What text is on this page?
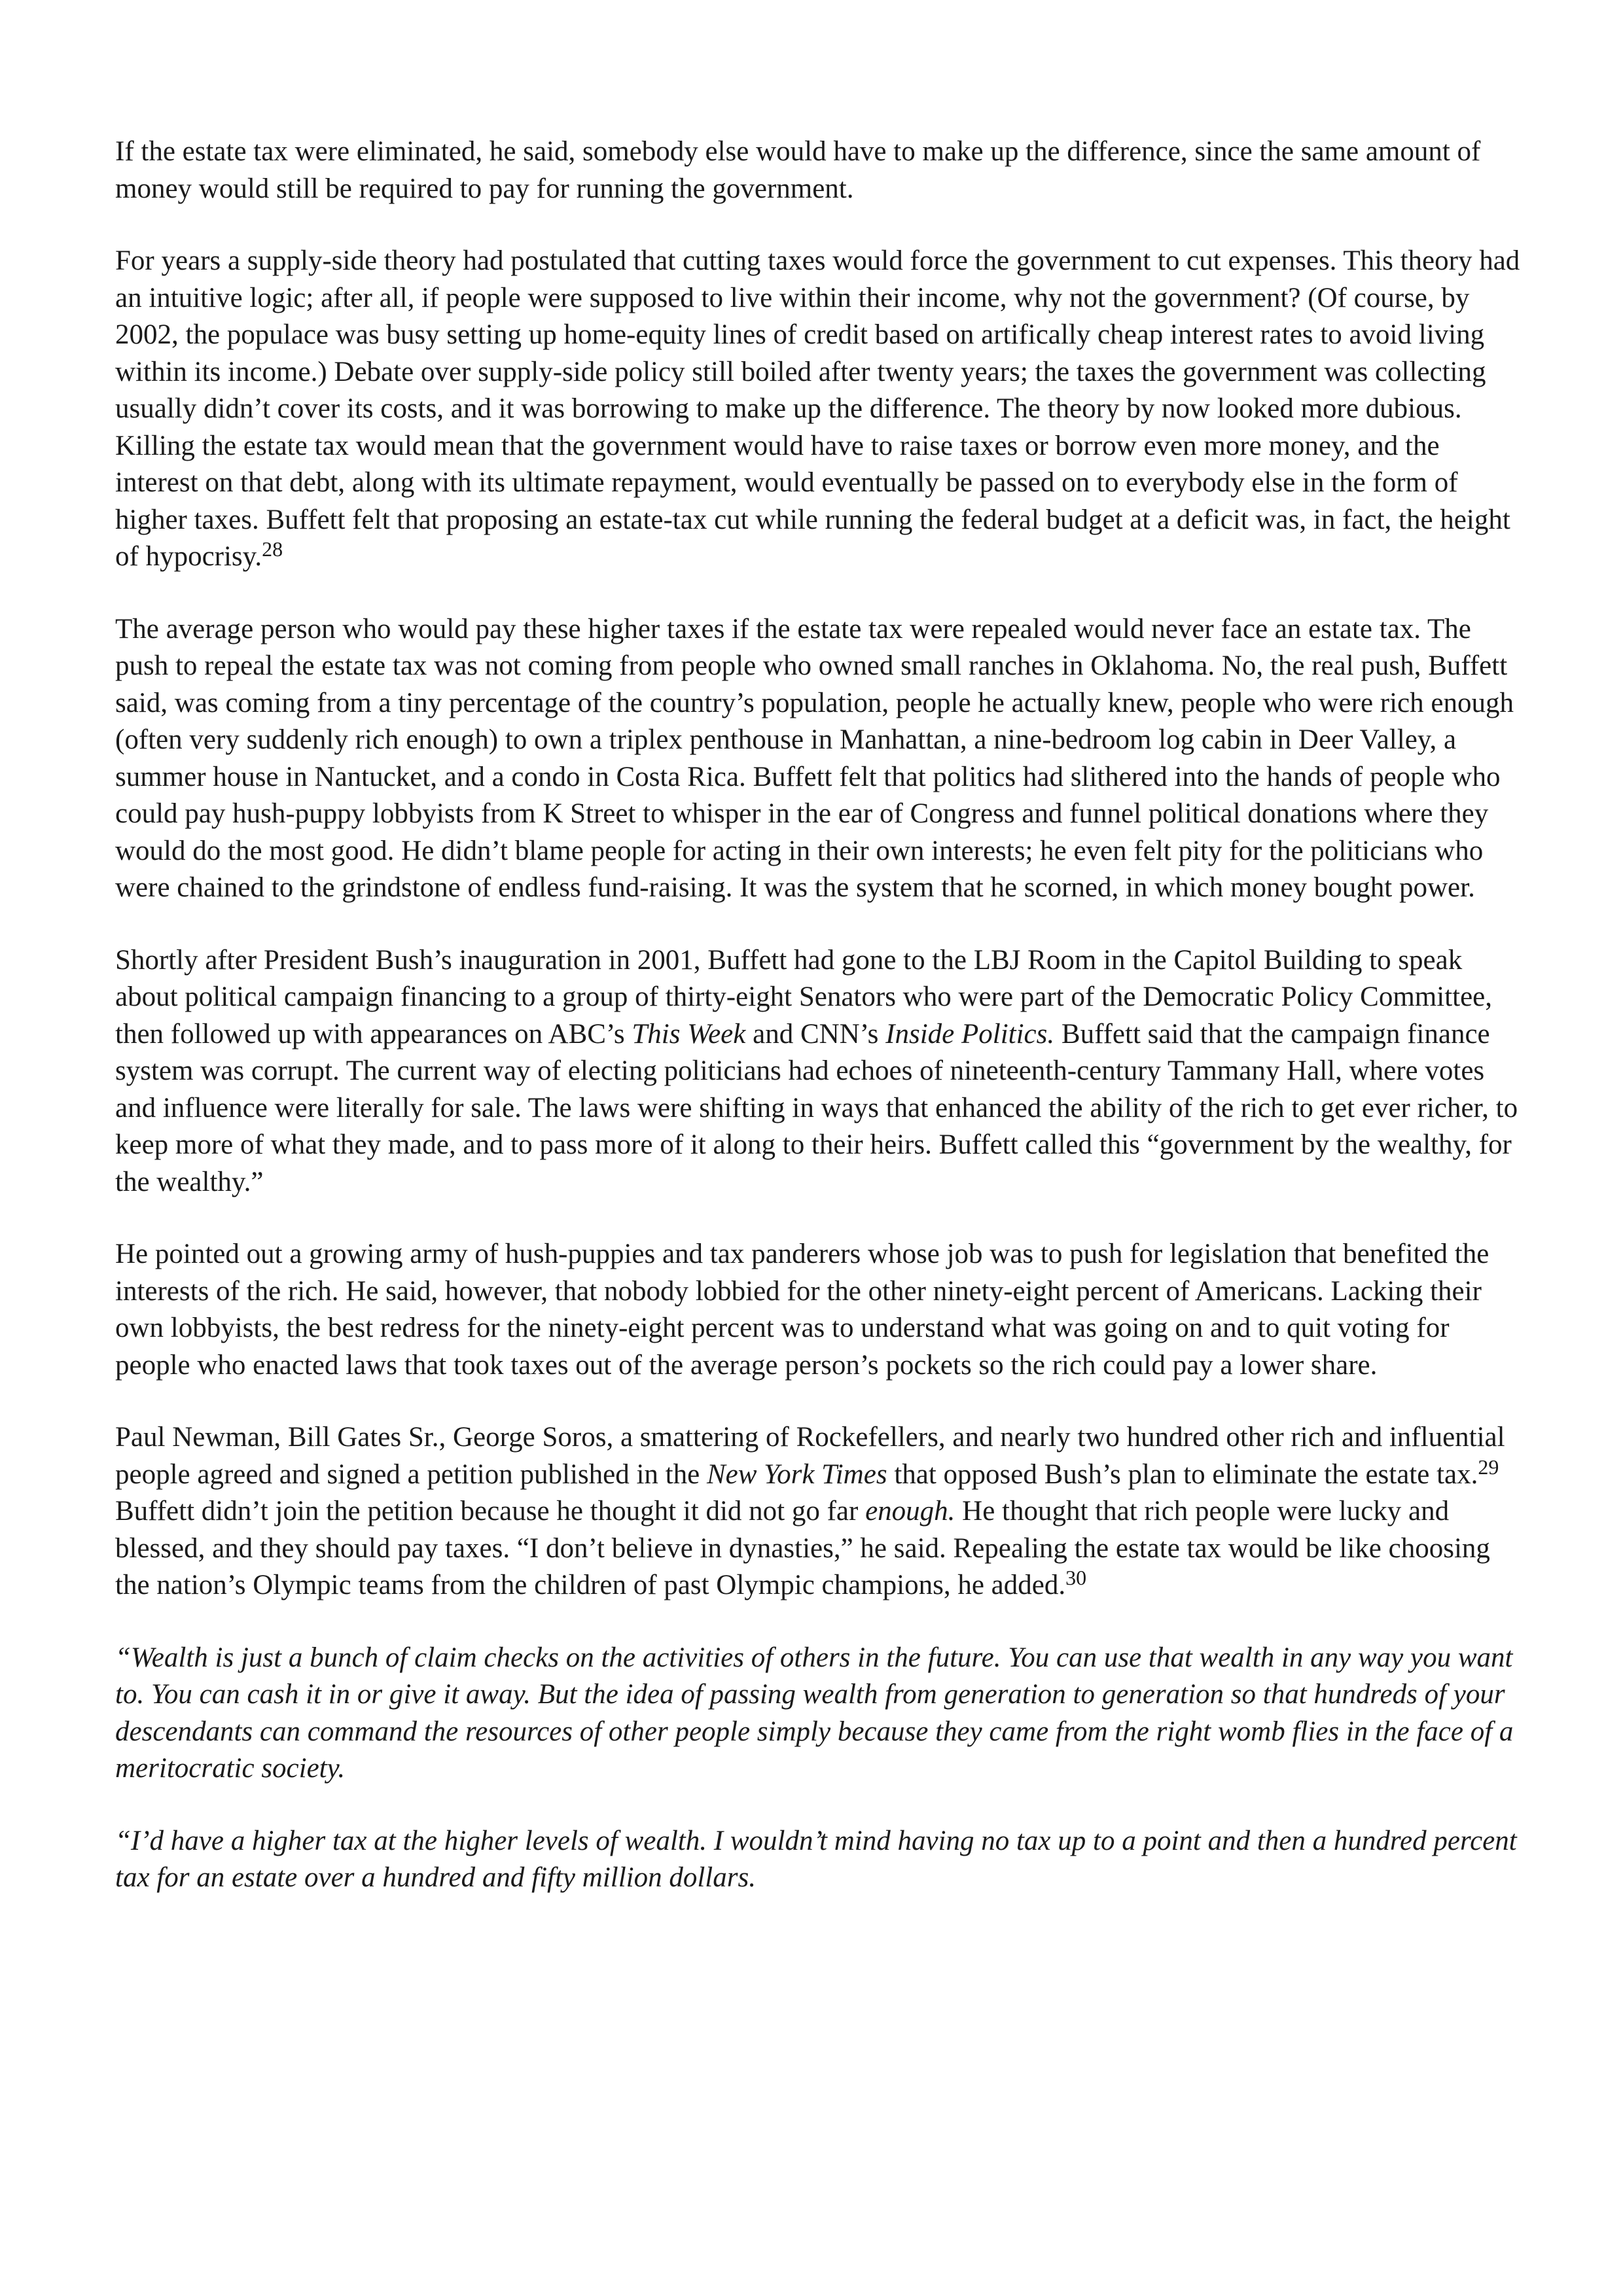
If the estate tax were eliminated, he said, somebody else would have to make up the difference, since the same amount of money would still be required to pay for running the government.

For years a supply-side theory had postulated that cutting taxes would force the government to cut expenses. This theory had an intuitive logic; after all, if people were supposed to live within their income, why not the government? (Of course, by 2002, the populace was busy setting up home-equity lines of credit based on artifically cheap interest rates to avoid living within its income.) Debate over supply-side policy still boiled after twenty years; the taxes the government was collecting usually didn’t cover its costs, and it was borrowing to make up the difference. The theory by now looked more dubious. Killing the estate tax would mean that the government would have to raise taxes or borrow even more money, and the interest on that debt, along with its ultimate repayment, would eventually be passed on to everybody else in the form of higher taxes. Buffett felt that proposing an estate-tax cut while running the federal budget at a deficit was, in fact, the height of hypocrisy.$^{28}$

The average person who would pay these higher taxes if the estate tax were repealed would never face an estate tax. The push to repeal the estate tax was not coming from people who owned small ranches in Oklahoma. No, the real push, Buffett said, was coming from a tiny percentage of the country’s population, people he actually knew, people who were rich enough (often very suddenly rich enough) to own a triplex penthouse in Manhattan, a nine-bedroom log cabin in Deer Valley, a summer house in Nantucket, and a condo in Costa Rica. Buffett felt that politics had slithered into the hands of people who could pay hush-puppy lobbyists from K Street to whisper in the ear of Congress and funnel political donations where they would do the most good. He didn’t blame people for acting in their own interests; he even felt pity for the politicians who were chained to the grindstone of endless fund-raising. It was the system that he scorned, in which money bought power.

Shortly after President Bush’s inauguration in 2001, Buffett had gone to the LBJ Room in the Capitol Building to speak about political campaign financing to a group of thirty-eight Senators who were part of the Democratic Policy Committee, then followed up with appearances on ABC’s This Week and CNN’s Inside Politics. Buffett said that the campaign finance system was corrupt. The current way of electing politicians had echoes of nineteenth-century Tammany Hall, where votes and influence were literally for sale. The laws were shifting in ways that enhanced the ability of the rich to get ever richer, to keep more of what they made, and to pass more of it along to their heirs. Buffett called this “government by the wealthy, for the wealthy.”

He pointed out a growing army of hush-puppies and tax panderers whose job was to push for legislation that benefited the interests of the rich. He said, however, that nobody lobbied for the other ninety-eight percent of Americans. Lacking their own lobbyists, the best redress for the ninety-eight percent was to understand what was going on and to quit voting for people who enacted laws that took taxes out of the average person’s pockets so the rich could pay a lower share.

Paul Newman, Bill Gates Sr., George Soros, a smattering of Rockefellers, and nearly two hundred other rich and influential people agreed and signed a petition published in the New York Times that opposed Bush’s plan to eliminate the estate tax.$^{29}$ Buffett didn’t join the petition because he thought it did not go far enough. He thought that rich people were lucky and blessed, and they should pay taxes. “I don’t believe in dynasties,” he said. Repealing the estate tax would be like choosing the nation’s Olympic teams from the children of past Olympic champions, he added.$^{30}$

“Wealth is just a bunch of claim checks on the activities of others in the future. You can use that wealth in any way you want to. You can cash it in or give it away. But the idea of passing wealth from generation to generation so that hundreds of your descendants can command the resources of other people simply because they came from the right womb flies in the face of a meritocratic society.

“I’d have a higher tax at the higher levels of wealth. I wouldn’t mind having no tax up to a point and then a hundred percent tax for an estate over a hundred and fifty million dollars.
